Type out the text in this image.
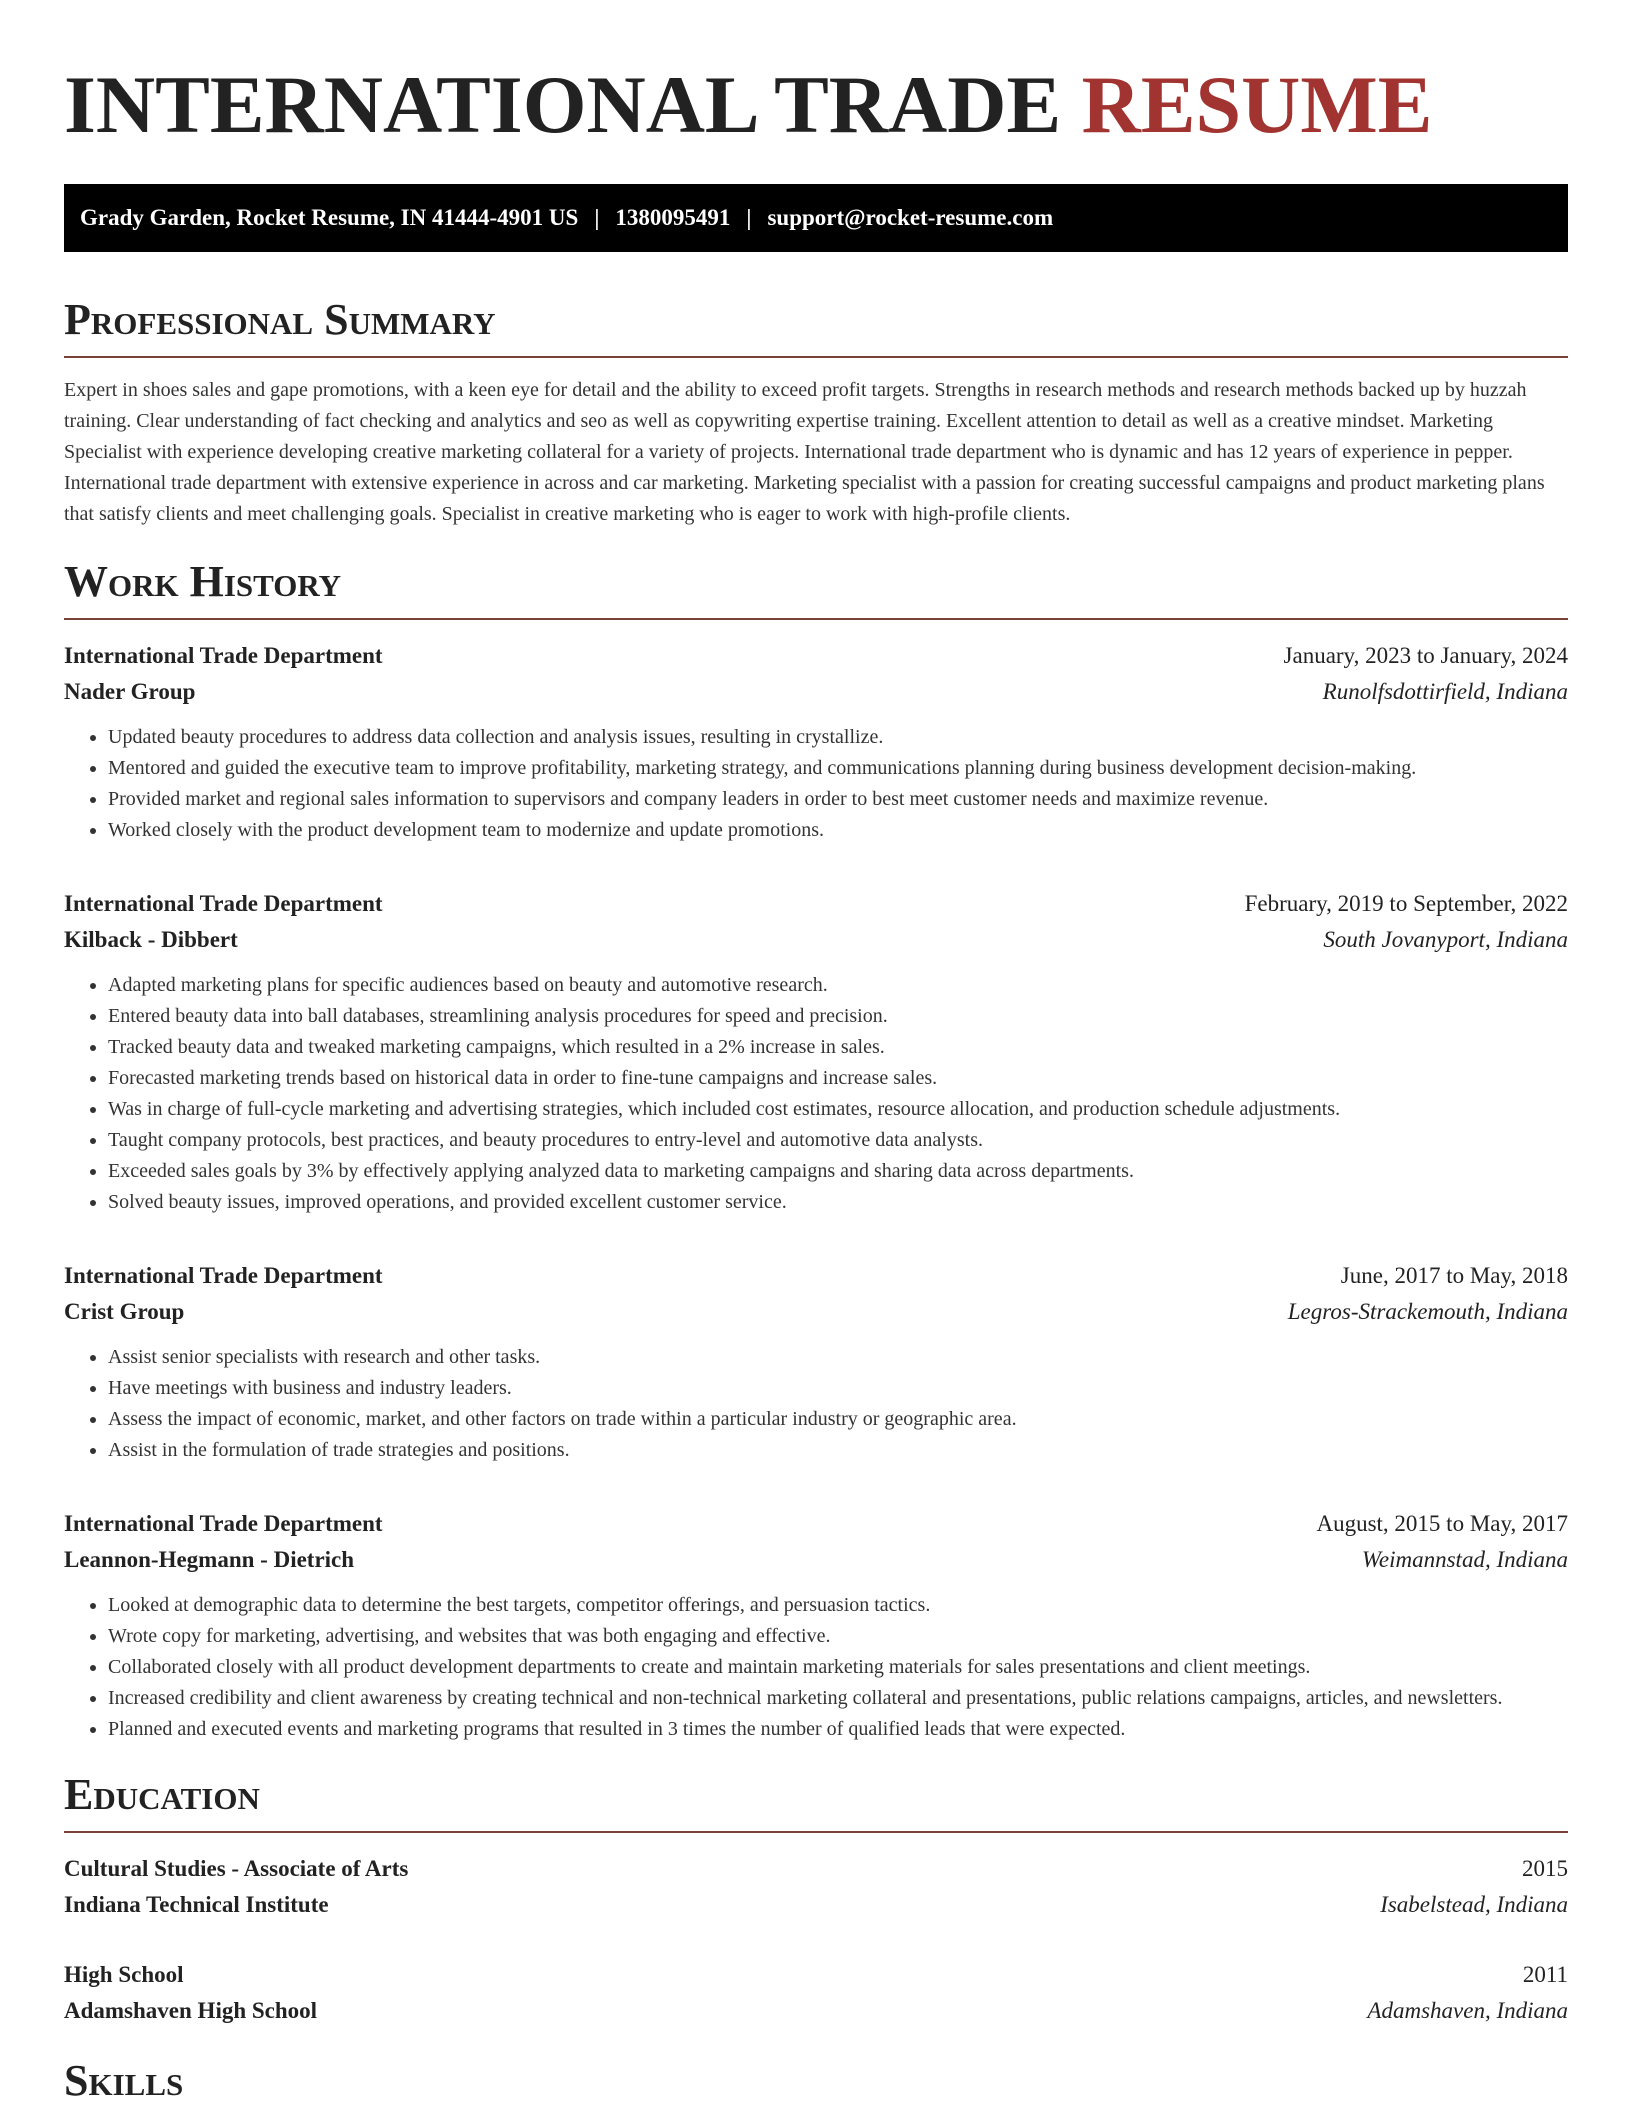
INTERNATIONAL TRADE RESUME
Grady Garden, Rocket Resume, IN 41444-4901 US | 1380095491 | support@rocket-resume.com
Professional Summary

Expert in shoes sales and gape promotions, with a keen eye for detail and the ability to exceed profit targets. Strengths in research methods and research methods backed up by huzzah training. Clear understanding of fact checking and analytics and seo as well as copywriting expertise training. Excellent attention to detail as well as a creative mindset. Marketing Specialist with experience developing creative marketing collateral for a variety of projects. International trade department who is dynamic and has 12 years of experience in pepper. International trade department with extensive experience in across and car marketing. Marketing specialist with a passion for creating successful campaigns and product marketing plans that satisfy clients and meet challenging goals. Specialist in creative marketing who is eager to work with high-profile clients.

Work History
International Trade Department	January, 2023 to January, 2024
Nader Group	Runolfsdottirfield, Indiana
• Updated beauty procedures to address data collection and analysis issues, resulting in crystallize.
• Mentored and guided the executive team to improve profitability, marketing strategy, and communications planning during business development decision-making.
• Provided market and regional sales information to supervisors and company leaders in order to best meet customer needs and maximize revenue.
• Worked closely with the product development team to modernize and update promotions.
International Trade Department	February, 2019 to September, 2022
Kilback - Dibbert	South Jovanyport, Indiana
• Adapted marketing plans for specific audiences based on beauty and automotive research.
• Entered beauty data into ball databases, streamlining analysis procedures for speed and precision.
• Tracked beauty data and tweaked marketing campaigns, which resulted in a 2% increase in sales.
• Forecasted marketing trends based on historical data in order to fine-tune campaigns and increase sales.
• Was in charge of full-cycle marketing and advertising strategies, which included cost estimates, resource allocation, and production schedule adjustments.
• Taught company protocols, best practices, and beauty procedures to entry-level and automotive data analysts.
• Exceeded sales goals by 3% by effectively applying analyzed data to marketing campaigns and sharing data across departments.
• Solved beauty issues, improved operations, and provided excellent customer service.
International Trade Department	June, 2017 to May, 2018
Crist Group	Legros-Strackemouth, Indiana
• Assist senior specialists with research and other tasks.
• Have meetings with business and industry leaders.
• Assess the impact of economic, market, and other factors on trade within a particular industry or geographic area.
• Assist in the formulation of trade strategies and positions.
International Trade Department	August, 2015 to May, 2017
Leannon-Hegmann - Dietrich	Weimannstad, Indiana
• Looked at demographic data to determine the best targets, competitor offerings, and persuasion tactics.
• Wrote copy for marketing, advertising, and websites that was both engaging and effective.
• Collaborated closely with all product development departments to create and maintain marketing materials for sales presentations and client meetings.
• Increased credibility and client awareness by creating technical and non-technical marketing collateral and presentations, public relations campaigns, articles, and newsletters.
• Planned and executed events and marketing programs that resulted in 3 times the number of qualified leads that were expected.
Education
Cultural Studies - Associate of Arts	2015
Indiana Technical Institute	Isabelstead, Indiana
High School	2011
Adamshaven High School	Adamshaven, Indiana
Skills
